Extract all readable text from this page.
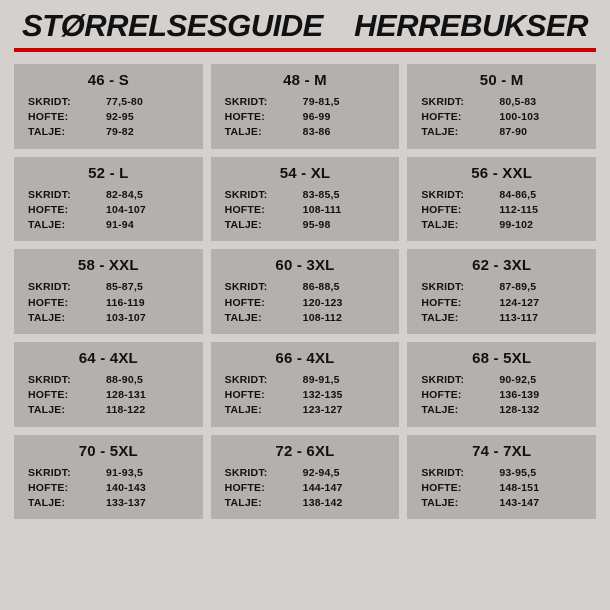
STØRRELSESGUIDE HERREBUKSER
46 - S
SKRIDT:	77,5-80
HOFTE:	92-95
TALJE:	79-82
48 - M
SKRIDT:	79-81,5
HOFTE:	96-99
TALJE:	83-86
50 - M
SKRIDT:	80,5-83
HOFTE:	100-103
TALJE:	87-90
52 - L
SKRIDT:	82-84,5
HOFTE:	104-107
TALJE:	91-94
54 - XL
SKRIDT:	83-85,5
HOFTE:	108-111
TALJE:	95-98
56 - XXL
SKRIDT:	84-86,5
HOFTE:	112-115
TALJE:	99-102
58 - XXL
SKRIDT:	85-87,5
HOFTE:	116-119
TALJE:	103-107
60 - 3XL
SKRIDT:	86-88,5
HOFTE:	120-123
TALJE:	108-112
62 - 3XL
SKRIDT:	87-89,5
HOFTE:	124-127
TALJE:	113-117
64 - 4XL
SKRIDT:	88-90,5
HOFTE:	128-131
TALJE:	118-122
66 - 4XL
SKRIDT:	89-91,5
HOFTE:	132-135
TALJE:	123-127
68 - 5XL
SKRIDT:	90-92,5
HOFTE:	136-139
TALJE:	128-132
70 - 5XL
SKRIDT:	91-93,5
HOFTE:	140-143
TALJE:	133-137
72 - 6XL
SKRIDT:	92-94,5
HOFTE:	144-147
TALJE:	138-142
74 - 7XL
SKRIDT:	93-95,5
HOFTE:	148-151
TALJE:	143-147
